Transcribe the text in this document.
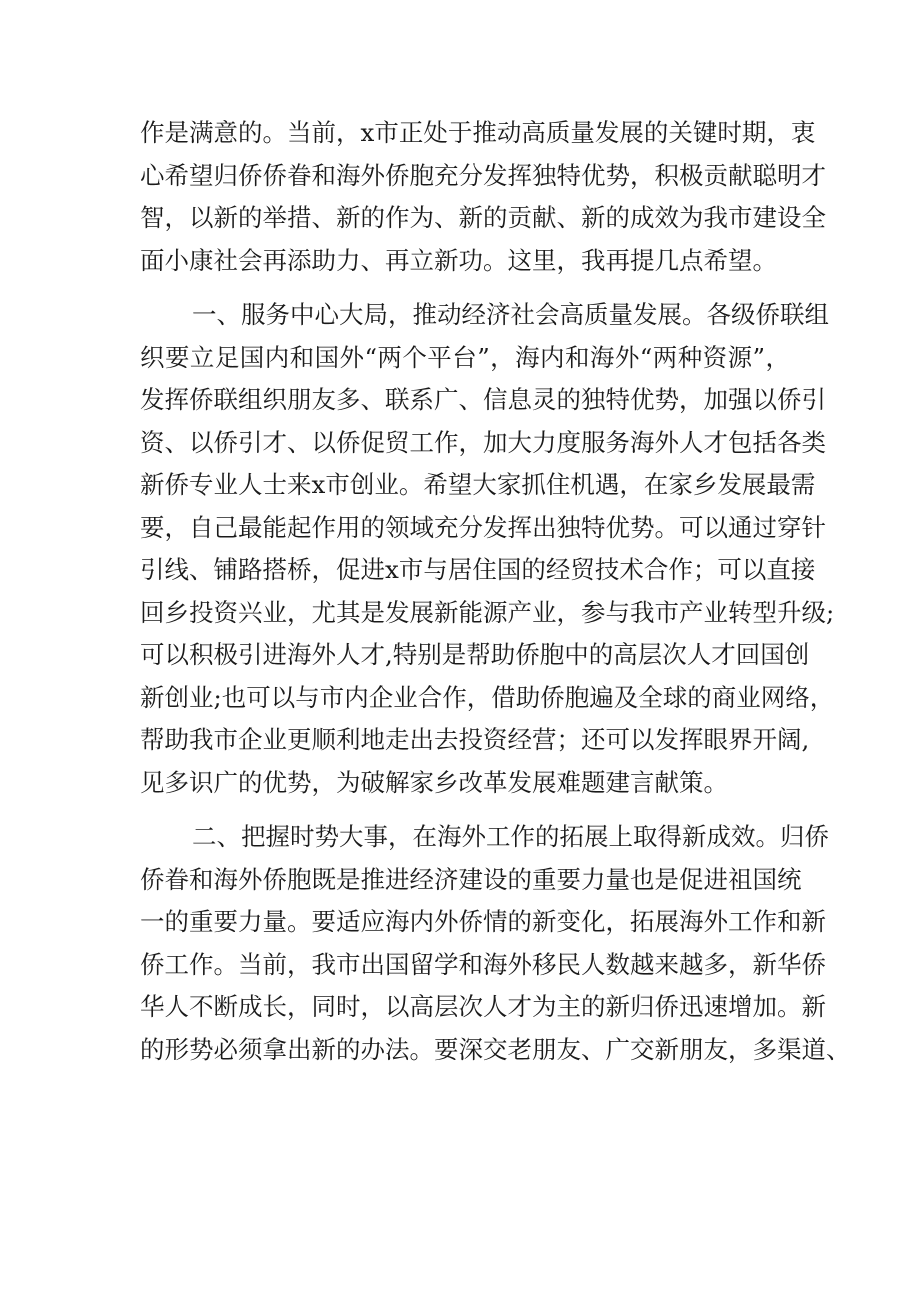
作是满意的。当前，x市正处于推动高质量发展的关键时期，衷
心希望归侨侨眷和海外侨胞充分发挥独特优势，积极贡献聪明才
智，以新的举措、新的作为、新的贡献、新的成效为我市建设全
面小康社会再添助力、再立新功。这里，我再提几点希望。

一、服务中心大局，推动经济社会高质量发展。各级侨联组
织要立足国内和国外“两个平台”，海内和海外“两种资源”，
发挥侨联组织朋友多、联系广、信息灵的独特优势，加强以侨引
资、以侨引才、以侨促贸工作，加大力度服务海外人才包括各类
新侨专业人士来x市创业。希望大家抓住机遇，在家乡发展最需
要，自己最能起作用的领域充分发挥出独特优势。可以通过穿针
引线、铺路搭桥，促进x市与居住国的经贸技术合作；可以直接
回乡投资兴业，尤其是发展新能源产业，参与我市产业转型升级;
可以积极引进海外人才,特别是帮助侨胞中的高层次人才回国创
新创业;也可以与市内企业合作，借助侨胞遍及全球的商业网络，
帮助我市企业更顺利地走出去投资经营；还可以发挥眼界开阔,
见多识广的优势，为破解家乡改革发展难题建言献策。

二、把握时势大事，在海外工作的拓展上取得新成效。归侨
侨眷和海外侨胞既是推进经济建设的重要力量也是促进祖国统
一的重要力量。要适应海内外侨情的新变化，拓展海外工作和新
侨工作。当前，我市出国留学和海外移民人数越来越多，新华侨
华人不断成长，同时，以高层次人才为主的新归侨迅速增加。新
的形势必须拿出新的办法。要深交老朋友、广交新朋友，多渠道、
